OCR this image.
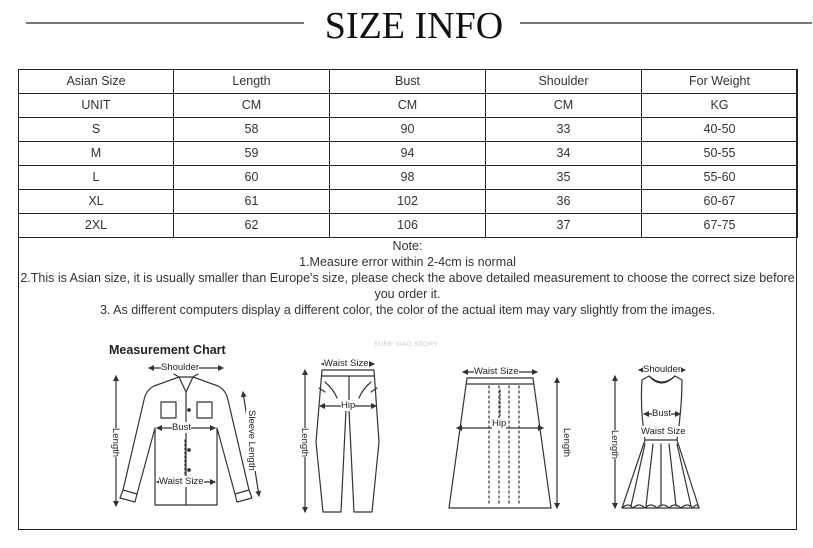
SIZE INFO
Asian Size	Length	Bust	Shoulder	For Weight
UNIT	CM	CM	CM	KG
S	58	90	33	40-50
M	59	94	34	50-55
L	60	98	35	55-60
XL	61	102	36	60-67
2XL	62	106	37	67-75
Note:
1.Measure error within 2-4cm is normal
2.This is Asian size, it is usually smaller than Europe's size, please check the above detailed measurement to choose the correct size before you order it.
3. As different computers display a different color, the color of the actual item may vary slightly from the images.
Measurement Chart	SURE XIAO STORY
Shoulder
Bust
Waist Size
Length	Sleeve Length
Waist Size
Hip
Length
Waist Size
Hip
Length
Shoulder
Bust
Waist Size
Length
